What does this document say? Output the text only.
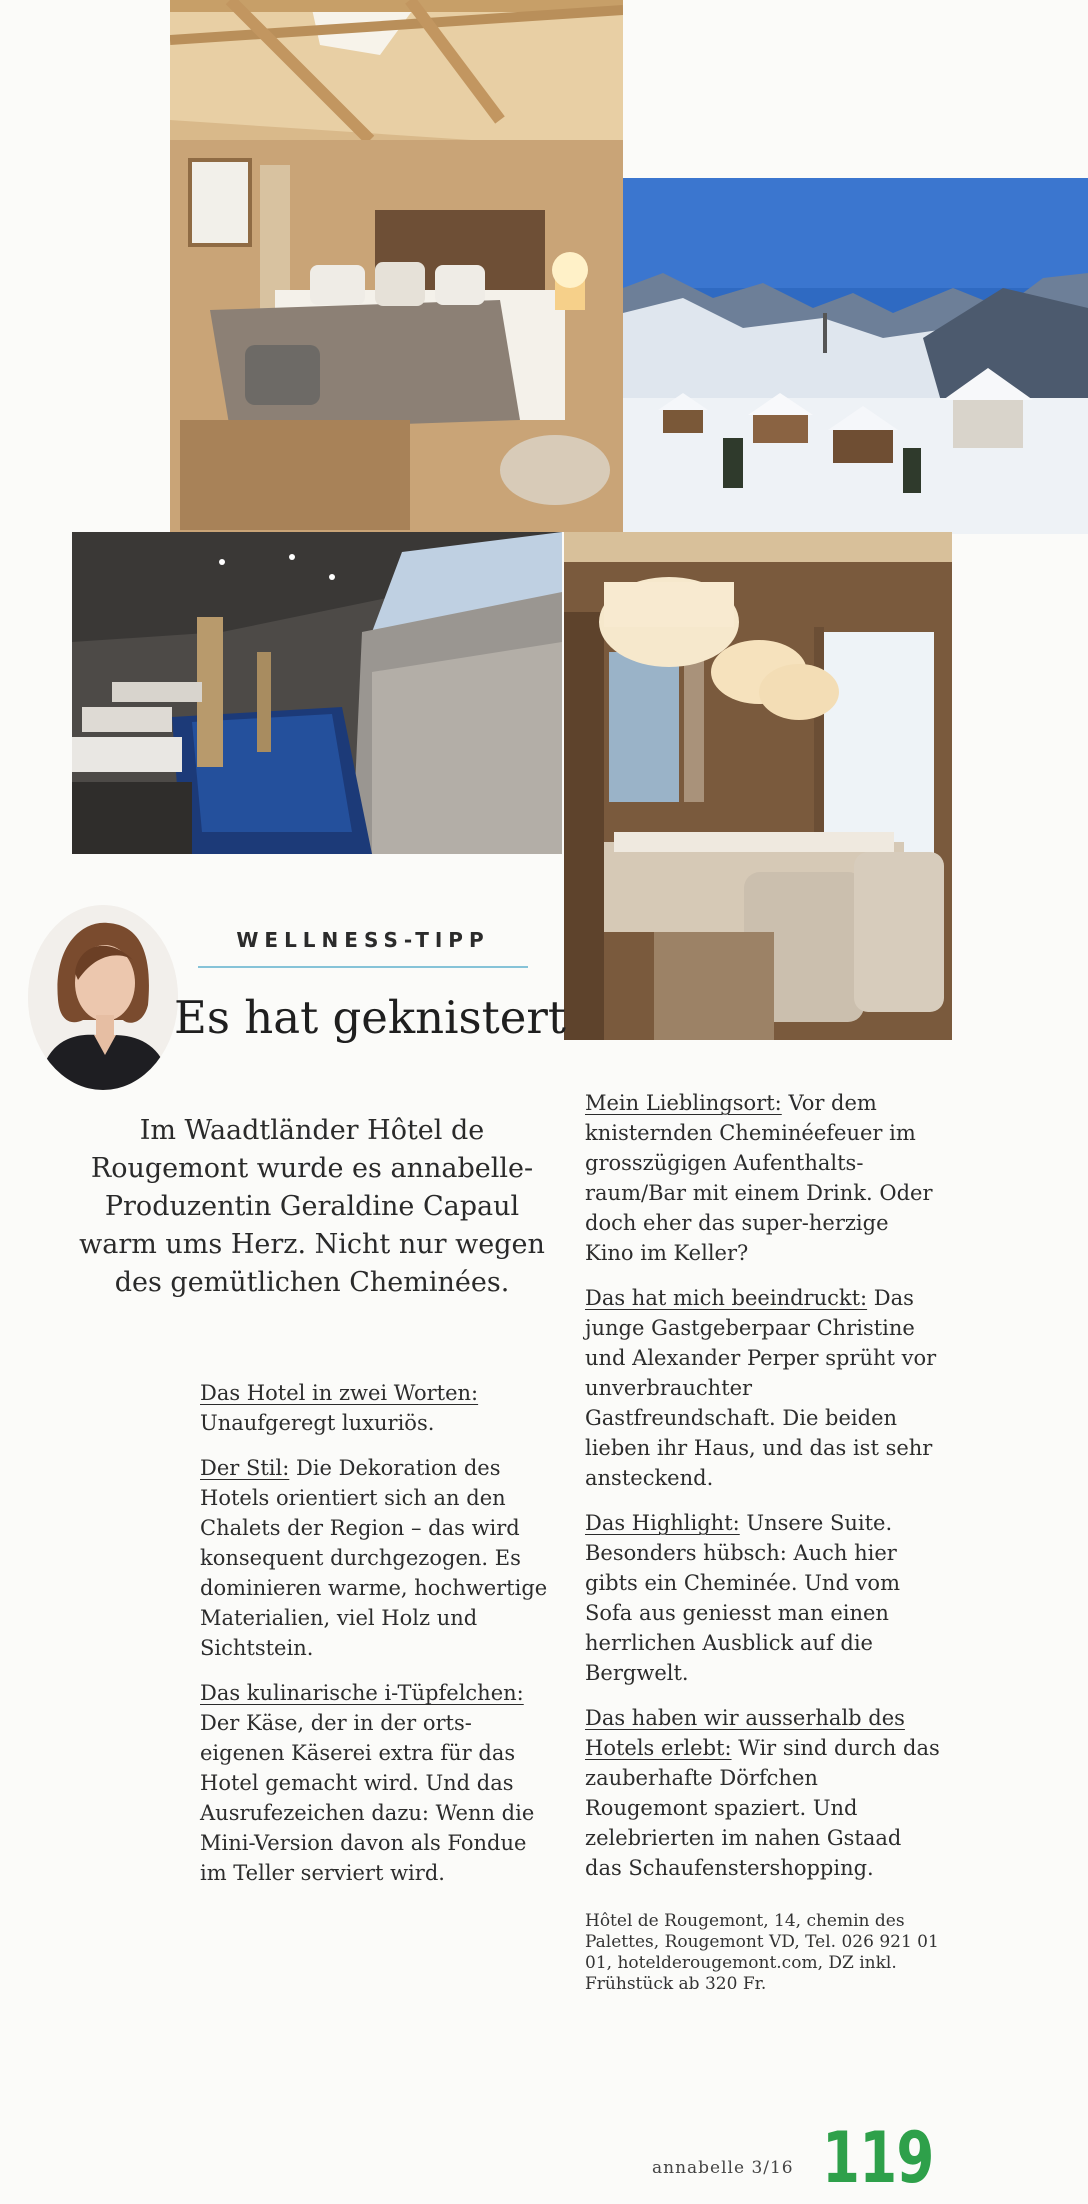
WELLNESS-TIPP
Es hat geknistert
Im Waadtländer Hôtel de Rougemont wurde es annabelle-Produzentin Geraldine Capaul warm ums Herz. Nicht nur wegen des gemütlichen Cheminées.

Das Hotel in zwei Worten: Unaufgeregt luxuriös.

Der Stil: Die Dekoration des Hotels orientiert sich an den Chalets der Region – das wird konsequent durchgezogen. Es dominieren warme, hochwertige Materialien, viel Holz und Sichtstein.

Das kulinarische i-Tüpfelchen: Der Käse, der in der orts-eigenen Käserei extra für das Hotel gemacht wird. Und das Ausrufezeichen dazu: Wenn die Mini-Version davon als Fondue im Teller serviert wird.

Mein Lieblingsort: Vor dem knisternden Cheminéefeuer im grosszügigen Aufenthalts-raum/Bar mit einem Drink. Oder doch eher das super-herzige Kino im Keller?

Das hat mich beeindruckt: Das junge Gastgeberpaar Christine und Alexander Perper sprüht vor unverbrauchter Gastfreundschaft. Die beiden lieben ihr Haus, und das ist sehr ansteckend.

Das Highlight: Unsere Suite. Besonders hübsch: Auch hier gibts ein Cheminée. Und vom Sofa aus geniesst man einen herrlichen Ausblick auf die Bergwelt.

Das haben wir ausserhalb des Hotels erlebt: Wir sind durch das zauberhafte Dörfchen Rougemont spaziert. Und zelebrierten im nahen Gstaad das Schaufenstershopping.

Hôtel de Rougemont, 14, chemin des Palettes, Rougemont VD, Tel. 026 921 01 01, hotelderougemont.com, DZ inkl. Frühstück ab 320 Fr.
annabelle 3/16 119
